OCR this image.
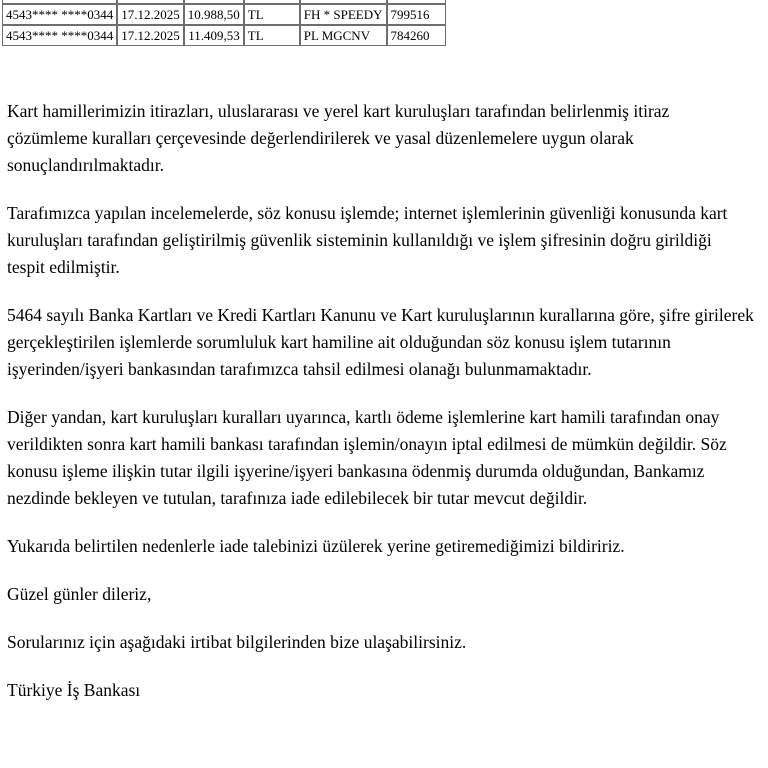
4543**** ****0344	17.12.2025	10.988,50	TL	FH * SPEEDY	799516
4543**** ****0344	17.12.2025	11.409,53	TL	PL MGCNV	784260

Kart hamillerimizin itirazları, uluslararası ve yerel kart kuruluşları tarafından belirlenmiş itiraz çözümleme kuralları çerçevesinde değerlendirilerek ve yasal düzenlemelere uygun olarak sonuçlandırılmaktadır.

Tarafımızca yapılan incelemelerde, söz konusu işlemde; internet işlemlerinin güvenliği konusunda kart kuruluşları tarafından geliştirilmiş güvenlik sisteminin kullanıldığı ve işlem şifresinin doğru girildiği tespit edilmiştir.

5464 sayılı Banka Kartları ve Kredi Kartları Kanunu ve Kart kuruluşlarının kurallarına göre, şifre girilerek gerçekleştirilen işlemlerde sorumluluk kart hamiline ait olduğundan söz konusu işlem tutarının işyerinden/işyeri bankasından tarafımızca tahsil edilmesi olanağı bulunmamaktadır.

Diğer yandan, kart kuruluşları kuralları uyarınca, kartlı ödeme işlemlerine kart hamili tarafından onay verildikten sonra kart hamili bankası tarafından işlemin/onayın iptal edilmesi de mümkün değildir. Söz konusu işleme ilişkin tutar ilgili işyerine/işyeri bankasına ödenmiş durumda olduğundan, Bankamız nezdinde bekleyen ve tutulan, tarafınıza iade edilebilecek bir tutar mevcut değildir.

Yukarıda belirtilen nedenlerle iade talebinizi üzülerek yerine getiremediğimizi bildiririz.

Güzel günler dileriz,

Sorularınız için aşağıdaki irtibat bilgilerinden bize ulaşabilirsiniz.

Türkiye İş Bankası
